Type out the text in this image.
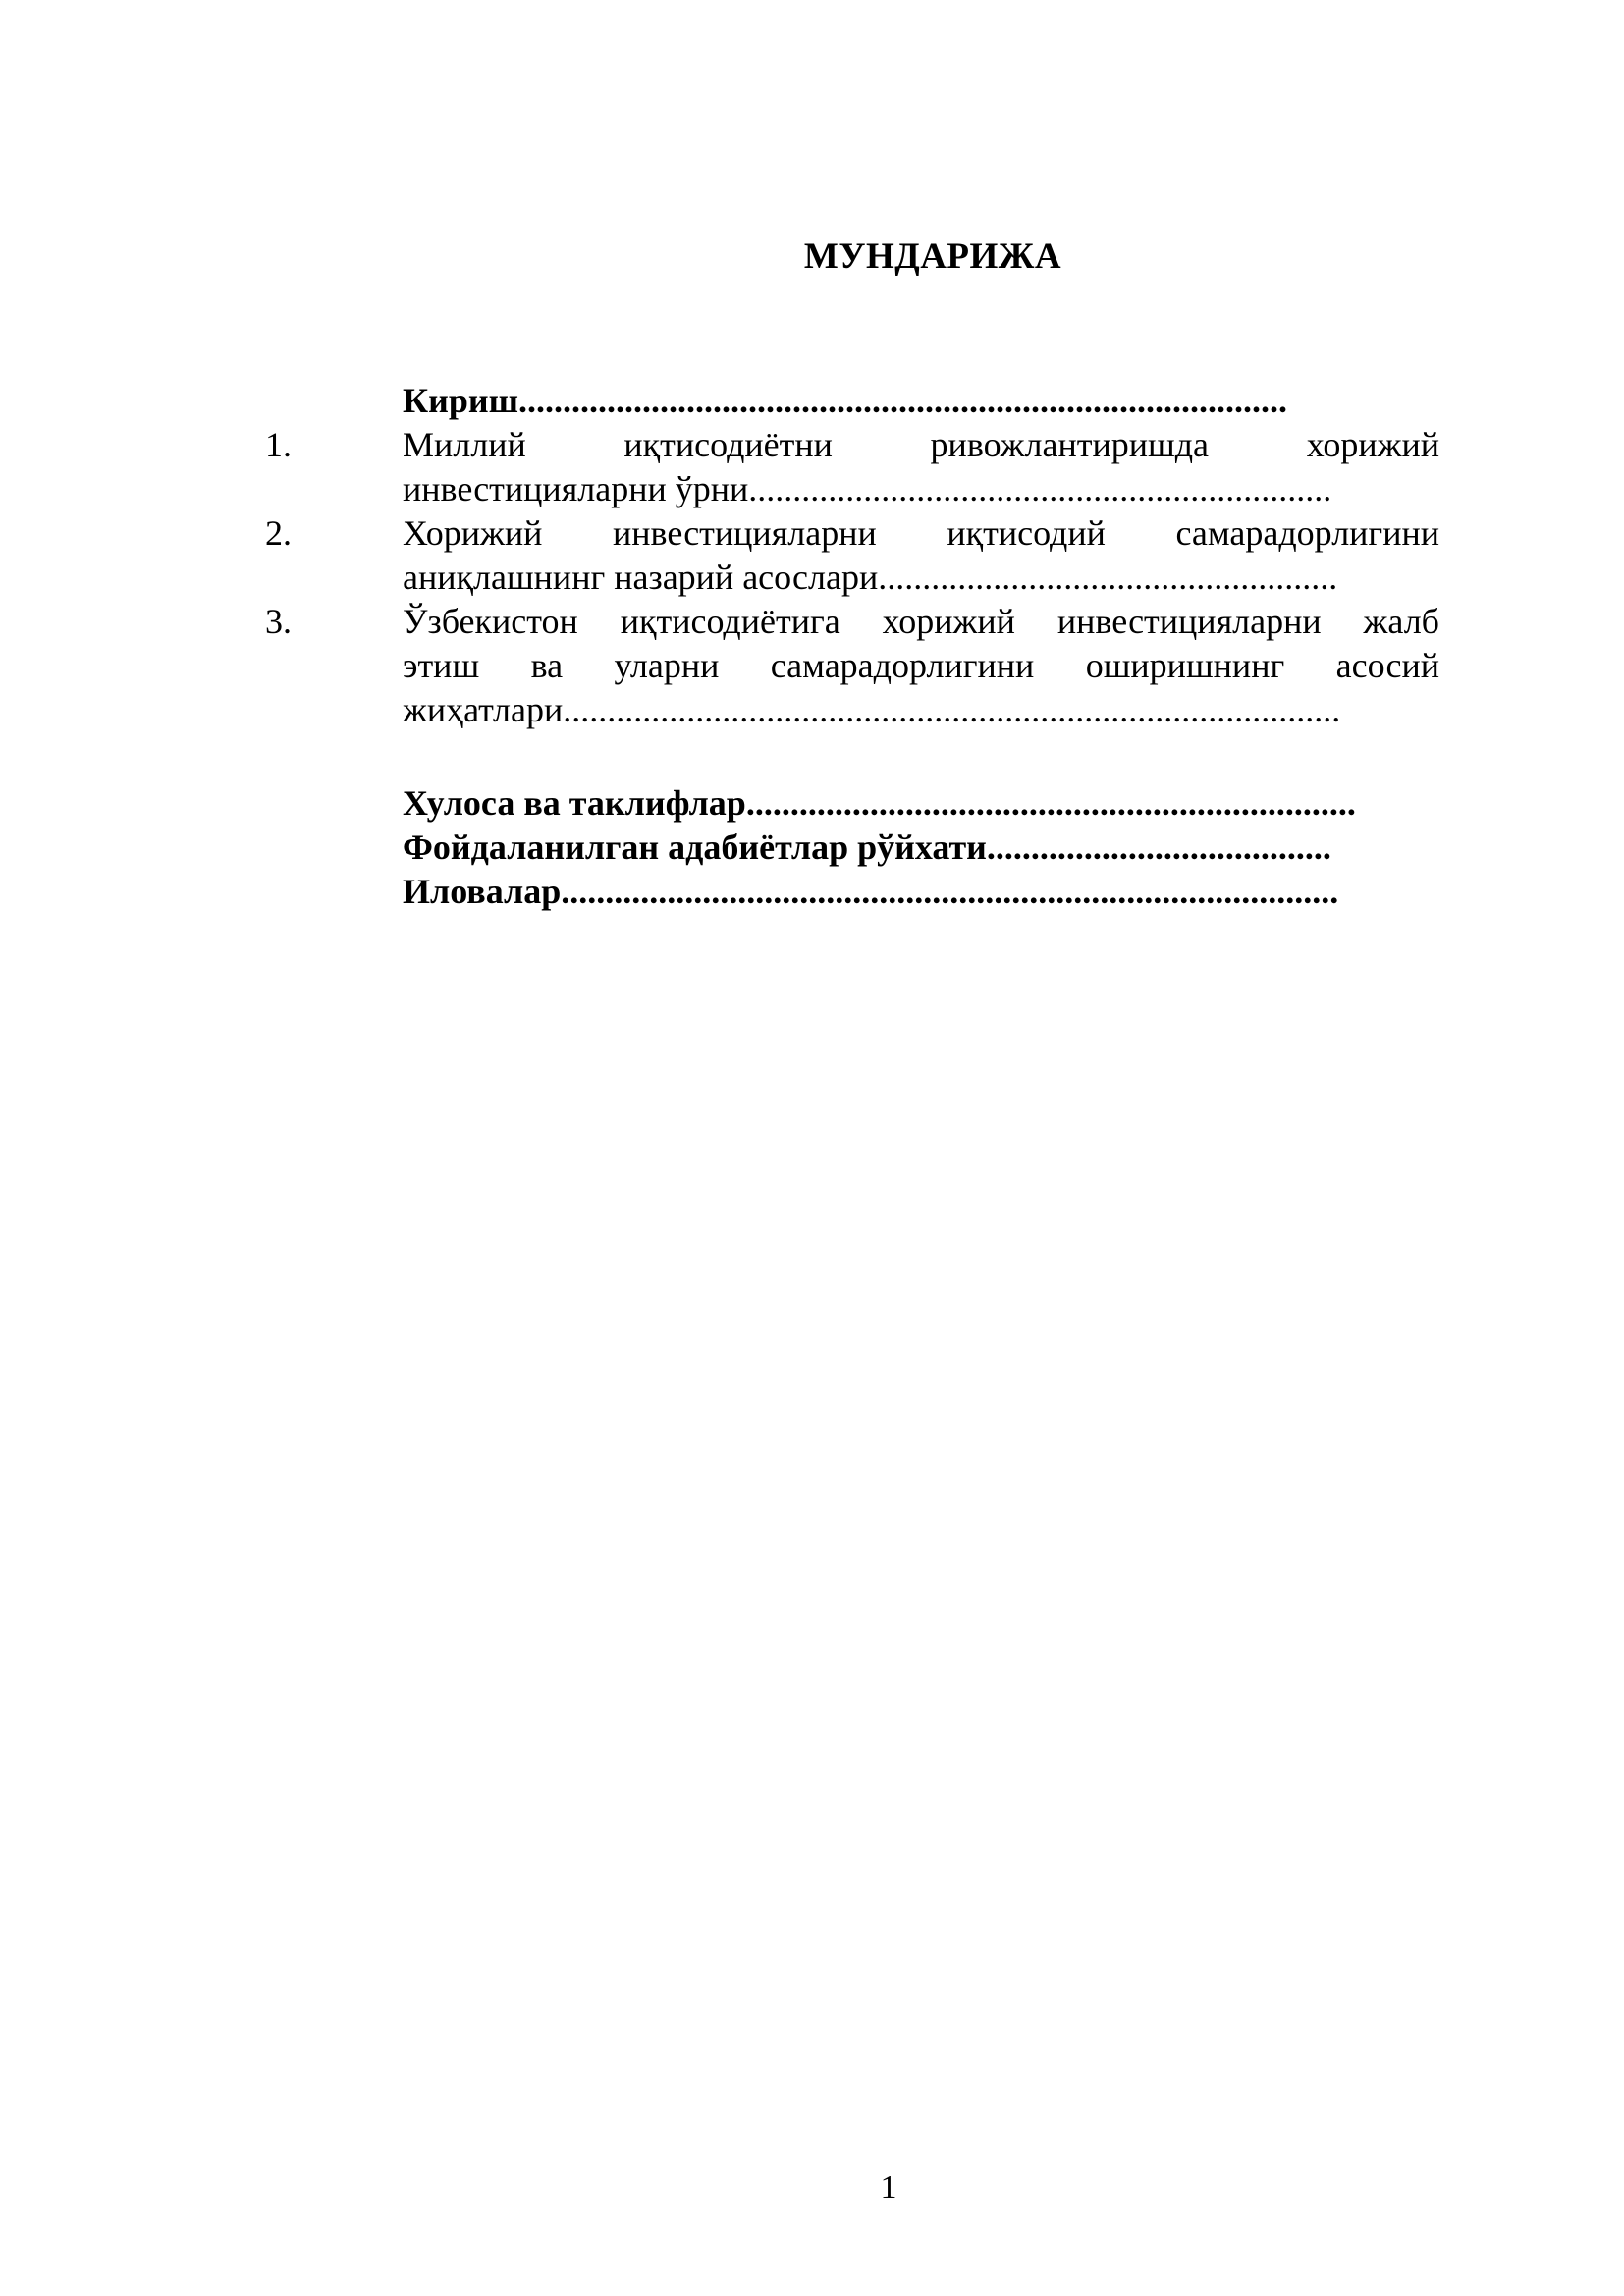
МУНДАРИЖА
Кириш.......................................................................................
1.	Миллий иқтисодиётни ривожлантиришда хорижий
инвестицияларни ўрни..................................................................
2.	Хорижий инвестицияларни иқтисодий самарадорлигини
аниқлашнинг назарий асослари....................................................
3.	Ўзбекистон иқтисодиётига хорижий инвестицияларни жалб
этиш ва уларни самарадорлигини оширишнинг асосий
жиҳатлари........................................................................................
Хулоса ва таклифлар.....................................................................
Фойдаланилган адабиётлар рўйхати.......................................
Иловалар........................................................................................
1
